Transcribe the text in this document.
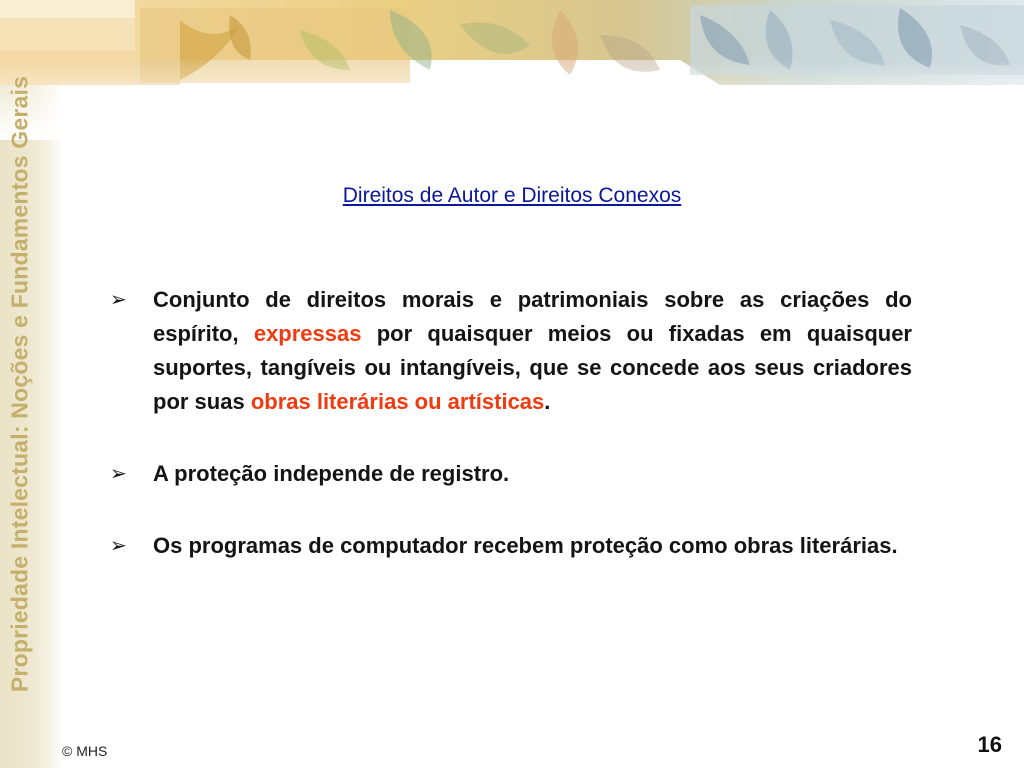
Propriedade Intelectual: Noções e Fundamentos Gerais	Direitos de Autor e Direitos Conexos

➢ Conjunto de direitos morais e patrimoniais sobre as criações do espírito, expressas por quaisquer meios ou fixadas em quaisquer suportes, tangíveis ou intangíveis, que se concede aos seus criadores por suas obras literárias ou artísticas.

➢ A proteção independe de registro.

➢ Os programas de computador recebem proteção como obras literárias.

© MHS	16
